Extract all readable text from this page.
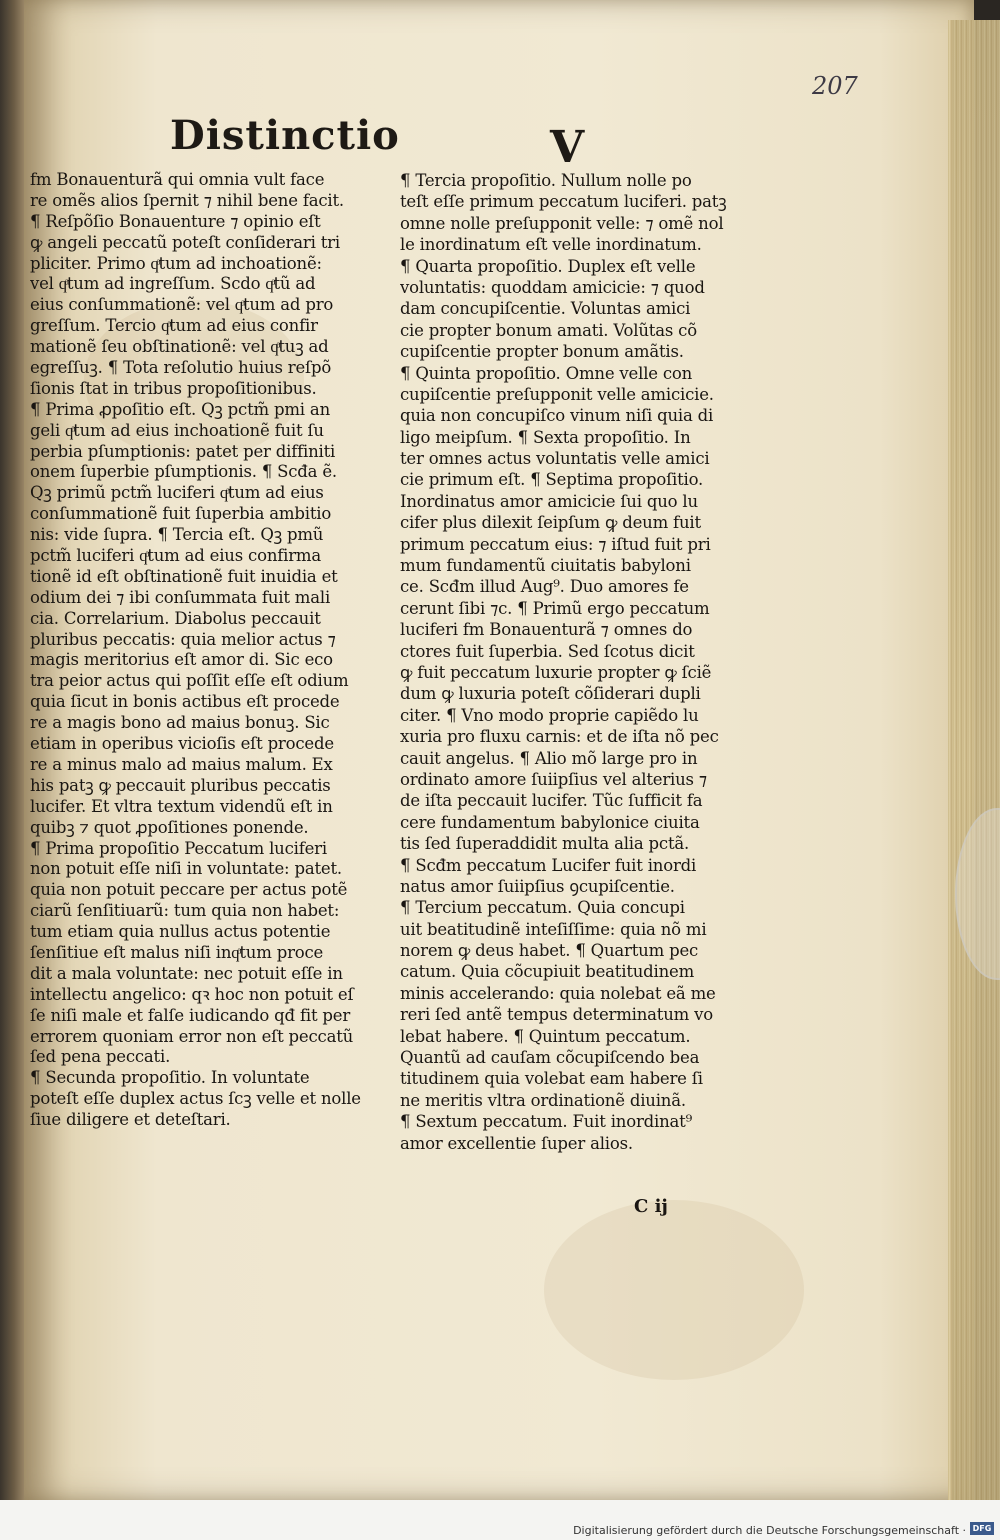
207
Distinctio	V
fm Bonauenturã qui omnia vult face
re omẽs alios ſpernit ⁊ nihil bene facit.
¶ Reſpõſio Bonauenture ⁊ opinio eſt
ꝙ angeli peccatũ poteſt conſiderari tri
pliciter. Primo qͣtum ad inchoationẽ:
vel qͣtum ad ingreſſum. Scdo qͣtũ ad
eius conſummationẽ: vel qͣtum ad pro
greſſum. Tercio qͣtum ad eius confir
mationẽ ſeu obſtinationẽ: vel qͣtuꝫ ad
egreſſuꝫ. ¶ Tota reſolutio huius reſpõ
ſionis ſtat in tribus propoſitionibus.
¶ Prima ꝓpoſitio eſt. Qꝫ pctm̃ pmi an
geli qͣtum ad eius inchoationẽ fuit ſu
perbia pſumptionis: patet per diffiniti
onem ſuperbie pſumptionis. ¶ Scđa ẽ.
Qꝫ primũ pctm̃ luciferi qͣtum ad eius
conſummationẽ fuit ſuperbia ambitio
nis: vide ſupra. ¶ Tercia eſt. Qꝫ pmũ
pctm̃ luciferi qͣtum ad eius confirma
tionẽ id eſt obſtinationẽ fuit inuidia et
odium dei ⁊ ibi conſummata fuit mali
cia. Correlarium. Diabolus peccauit
pluribus peccatis: quia melior actus ⁊
magis meritorius eſt amor di. Sic eco
tra peior actus qui poſſit eſſe eſt odium
quia ſicut in bonis actibus eſt procede
re a magis bono ad maius bonuꝫ. Sic
etiam in operibus vicioſis eſt procede
re a minus malo ad maius malum. Ex
his patꝫ ꝙ peccauit pluribus peccatis
lucifer. Et vltra textum videndũ eſt in
quibꝫ ⁊ quot ꝓpoſitiones ponende.
¶ Prima propoſitio Peccatum luciferi
non potuit eſſe niſi in voluntate: patet.
quia non potuit peccare per actus potẽ
ciarũ ſenſitiuarũ: tum quia non habet:
tum etiam quia nullus actus potentie
ſenſitiue eſt malus niſi inqͣtum proce
dit a mala voluntate: nec potuit eſſe in
intellectu angelico: qꝛ hoc non potuit eſ
ſe niſi male et falſe iudicando qđ fit per
errorem quoniam error non eſt peccatũ
ſed pena peccati.
¶ Secunda propoſitio. In voluntate
poteſt eſſe duplex actus ſcꝫ velle et nolle
ſiue diligere et deteſtari.
¶ Tercia propoſitio. Nullum nolle po
teſt eſſe primum peccatum luciferi. patꝫ
omne nolle preſupponit velle: ⁊ omẽ nol
le inordinatum eſt velle inordinatum.
¶ Quarta propoſitio. Duplex eſt velle
voluntatis: quoddam amicicie: ⁊ quod
dam concupiſcentie. Voluntas amici
cie propter bonum amati. Volũtas cõ
cupiſcentie propter bonum amãtis.
¶ Quinta propoſitio. Omne velle con
cupiſcentie preſupponit velle amicicie.
quia non concupiſco vinum niſi quia di
ligo meipſum. ¶ Sexta propoſitio. In
ter omnes actus voluntatis velle amici
cie primum eſt. ¶ Septima propoſitio.
Inordinatus amor amicicie ſui quo lu
cifer plus dilexit ſeipſum ꝙ deum fuit
primum peccatum eius: ⁊ iſtud fuit pri
mum fundamentũ ciuitatis babyloni
ce. Scđm illud Aug⁹. Duo amores fe
cerunt ſibi ⁊c. ¶ Primũ ergo peccatum
luciferi fm Bonauenturã ⁊ omnes do
ctores fuit ſuperbia. Sed ſcotus dicit
ꝙ fuit peccatum luxurie propter ꝙ ſciẽ
dum ꝙ luxuria poteſt cõſiderari dupli
citer. ¶ Vno modo proprie capiẽdo lu
xuria pro fluxu carnis: et de iſta nõ pec
cauit angelus. ¶ Alio mõ large pro in
ordinato amore ſuiipſius vel alterius ⁊
de iſta peccauit lucifer. Tũc ſufficit fa
cere fundamentum babylonice ciuita
tis ſed ſuperaddidit multa alia pctã.
¶ Scđm peccatum Lucifer fuit inordi
natus amor ſuiipſius ꝯcupiſcentie.
¶ Tercium peccatum. Quia concupi
uit beatitudinẽ inteſiſſime: quia nõ mi
norem ꝙ deus habet. ¶ Quartum pec
catum. Quia cõcupiuit beatitudinem
minis accelerando: quia nolebat eã me
reri ſed antẽ tempus determinatum vo
lebat habere. ¶ Quintum peccatum.
Quantũ ad cauſam cõcupiſcendo bea
titudinem quia volebat eam habere ſi
ne meritis vltra ordinationẽ diuinã.
¶ Sextum peccatum. Fuit inordinat⁹
amor excellentie ſuper alios.
C ij
Digitalisierung gefördert durch die Deutsche Forschungsgemeinschaft · DFG
